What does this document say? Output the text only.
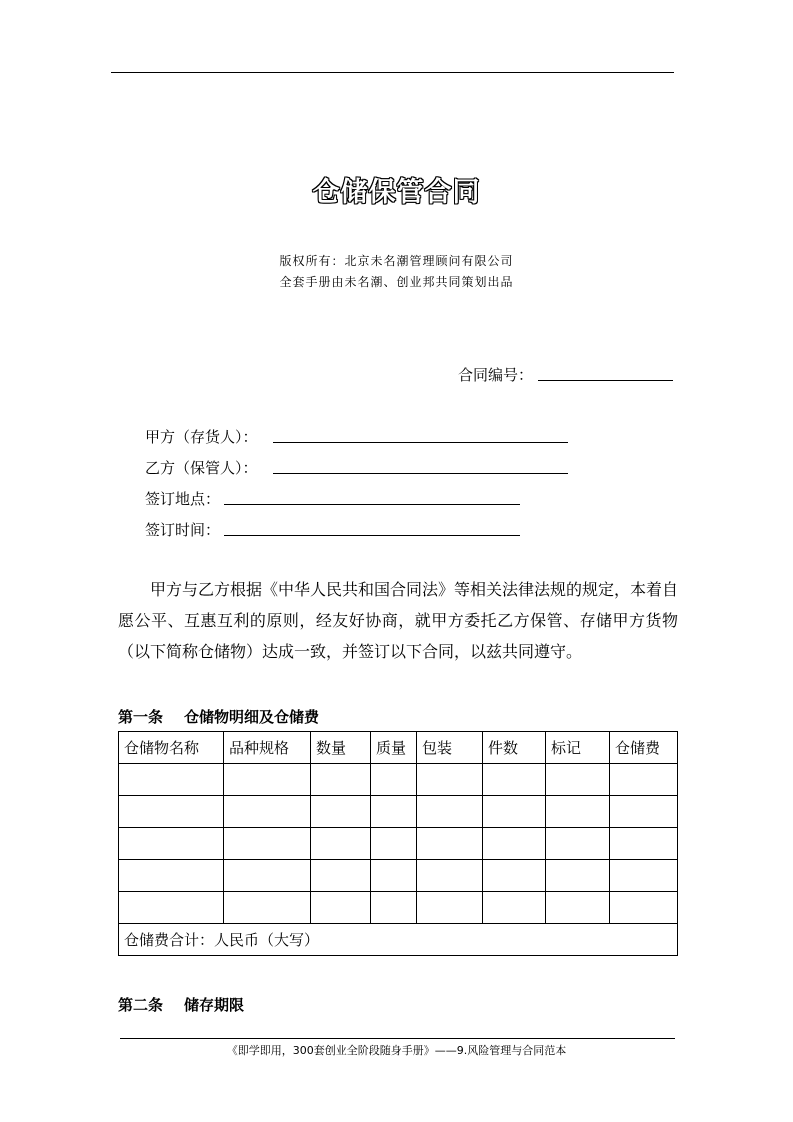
仓储保管合同
版权所有：北京未名潮管理顾问有限公司
全套手册由未名潮、创业邦共同策划出品
合同编号：
甲方（存货人）：
乙方（保管人）：
签订地点：
签订时间：
甲方与乙方根据《中华人民共和国合同法》等相关法律法规的规定，本着自愿公平、互惠互利的原则，经友好协商，就甲方委托乙方保管、存储甲方货物（以下简称仓储物）达成一致，并签订以下合同，以兹共同遵守。
第一条 仓储物明细及仓储费
仓储物名称	品种规格	数量	质量	包装	件数	标记	仓储费

仓储费合计：人民币（大写）							
第二条 储存期限
《即学即用，300套创业全阶段随身手册》——9.风险管理与合同范本
